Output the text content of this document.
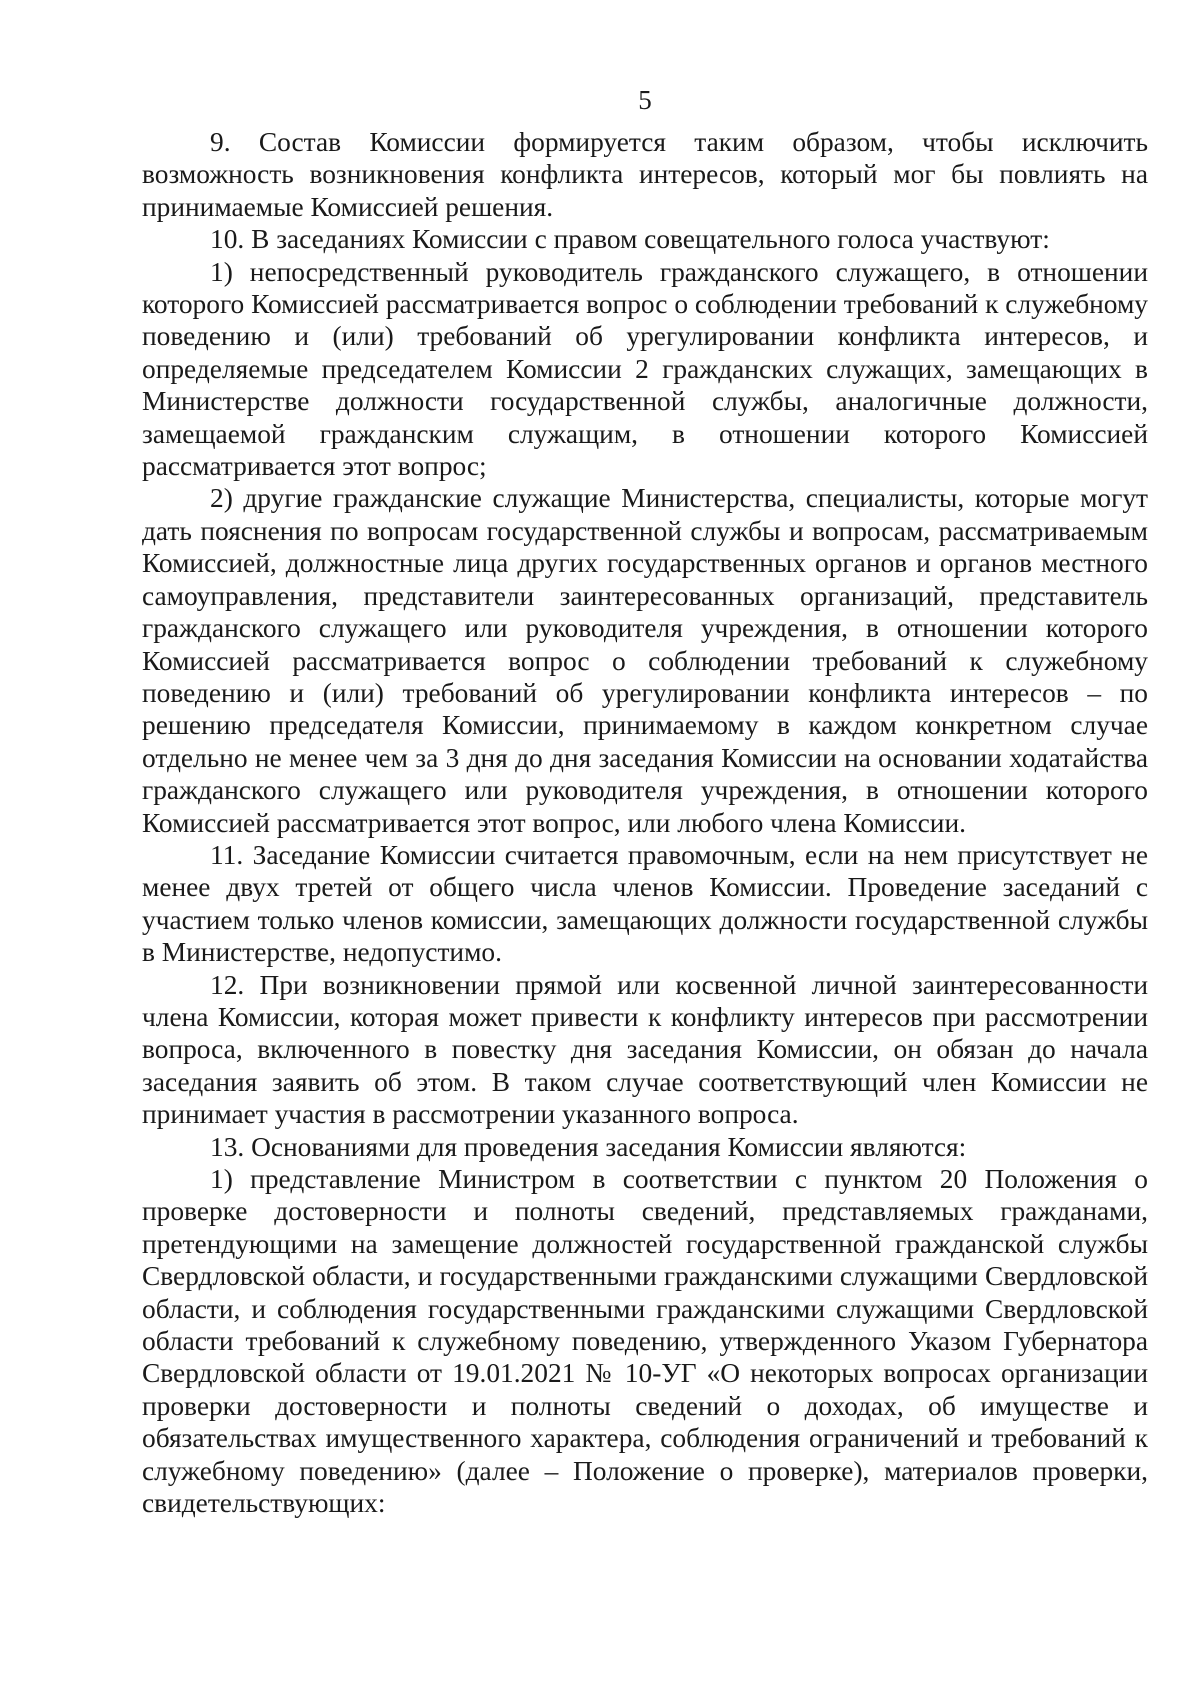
5

9. Состав Комиссии формируется таким образом, чтобы исключить возможность возникновения конфликта интересов, который мог бы повлиять на принимаемые Комиссией решения.

10. В заседаниях Комиссии с правом совещательного голоса участвуют:

1) непосредственный руководитель гражданского служащего, в отношении которого Комиссией рассматривается вопрос о соблюдении требований к служебному поведению и (или) требований об урегулировании конфликта интересов, и определяемые председателем Комиссии 2 гражданских служащих, замещающих в Министерстве должности государственной службы, аналогичные должности, замещаемой гражданским служащим, в отношении которого Комиссией рассматривается этот вопрос;

2) другие гражданские служащие Министерства, специалисты, которые могут дать пояснения по вопросам государственной службы и вопросам, рассматриваемым Комиссией, должностные лица других государственных органов и органов местного самоуправления, представители заинтересованных организаций, представитель гражданского служащего или руководителя учреждения, в отношении которого Комиссией рассматривается вопрос о соблюдении требований к служебному поведению и (или) требований об урегулировании конфликта интересов – по решению председателя Комиссии, принимаемому в каждом конкретном случае отдельно не менее чем за 3 дня до дня заседания Комиссии на основании ходатайства гражданского служащего или руководителя учреждения, в отношении которого Комиссией рассматривается этот вопрос, или любого члена Комиссии.

11. Заседание Комиссии считается правомочным, если на нем присутствует не менее двух третей от общего числа членов Комиссии. Проведение заседаний с участием только членов комиссии, замещающих должности государственной службы в Министерстве, недопустимо.

12. При возникновении прямой или косвенной личной заинтересованности члена Комиссии, которая может привести к конфликту интересов при рассмотрении вопроса, включенного в повестку дня заседания Комиссии, он обязан до начала заседания заявить об этом. В таком случае соответствующий член Комиссии не принимает участия в рассмотрении указанного вопроса.

13. Основаниями для проведения заседания Комиссии являются:

1) представление Министром в соответствии с пунктом 20 Положения о проверке достоверности и полноты сведений, представляемых гражданами, претендующими на замещение должностей государственной гражданской службы Свердловской области, и государственными гражданскими служащими Свердловской области, и соблюдения государственными гражданскими служащими Свердловской области требований к служебному поведению, утвержденного Указом Губернатора Свердловской области от 19.01.2021 № 10-УГ «О некоторых вопросах организации проверки достоверности и полноты сведений о доходах, об имуществе и обязательствах имущественного характера, соблюдения ограничений и требований к служебному поведению» (далее – Положение о проверке), материалов проверки, свидетельствующих:
